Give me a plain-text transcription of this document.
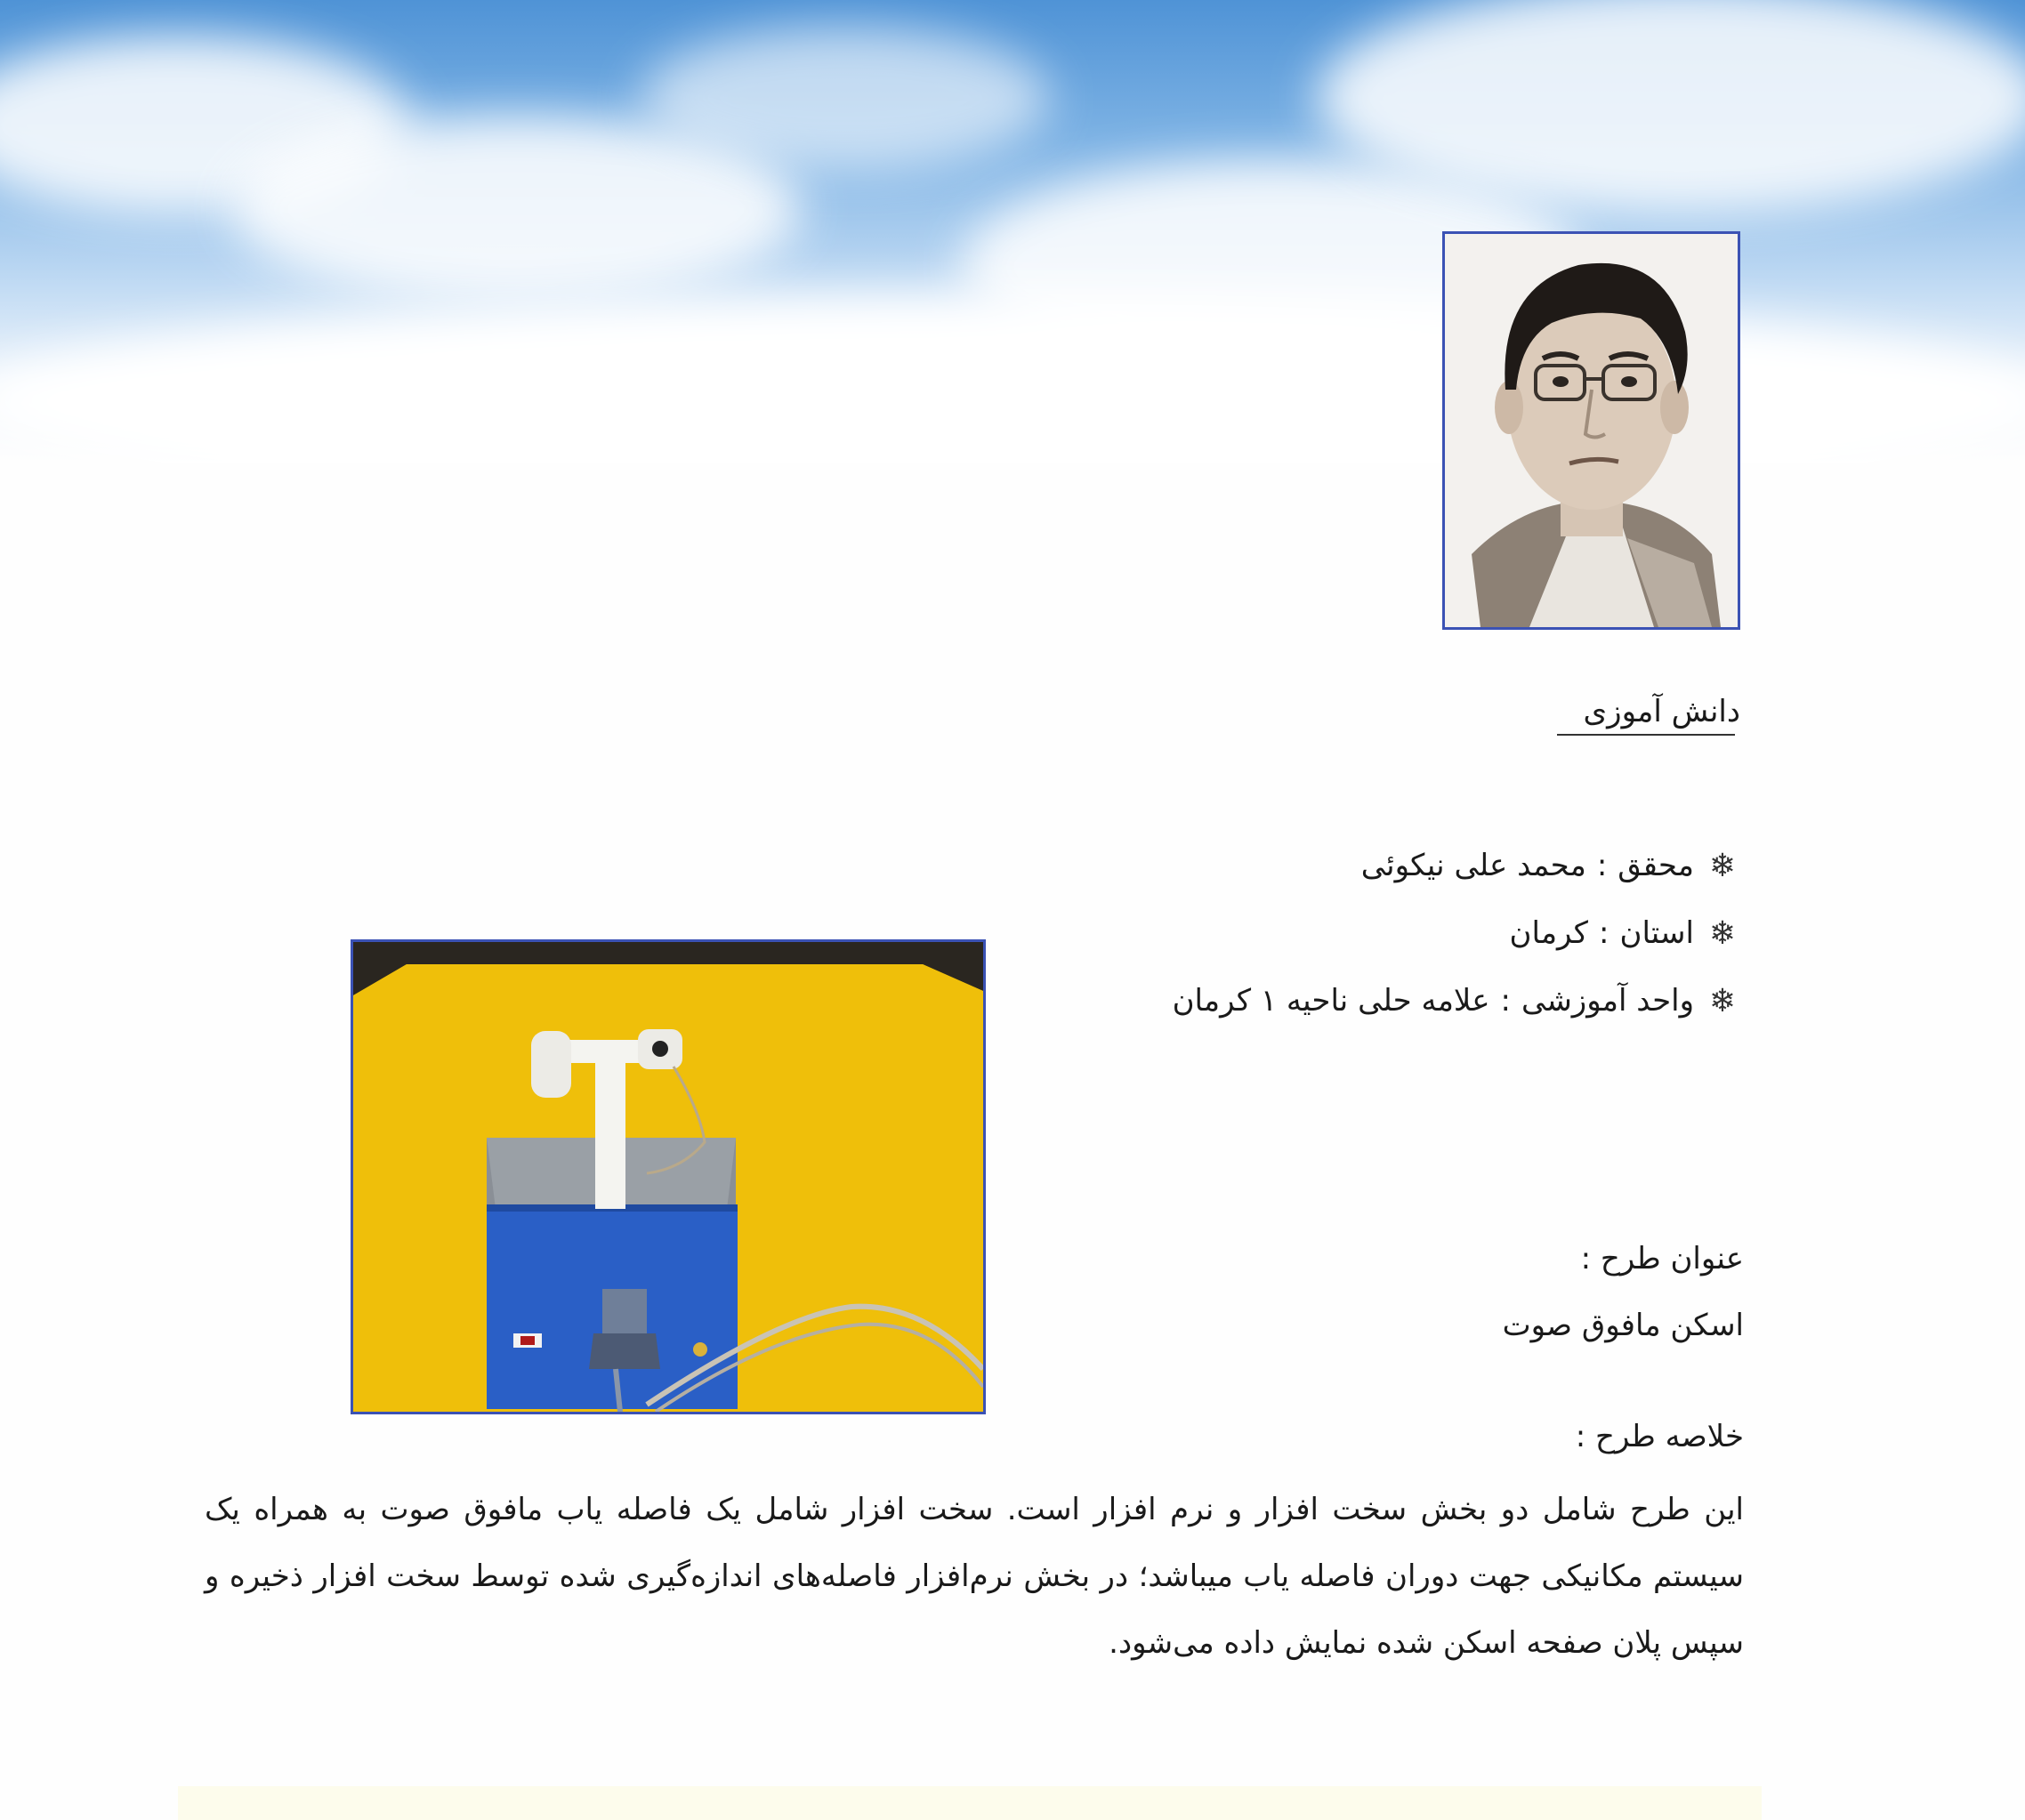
دانش آموزی
❄
محقق
:
محمد علی نیکوئی
❄
استان
:
کرمان
❄
واحد آموزشی
:
علامه حلی ناحیه ۱ کرمان
عنوان طرح :
اسکن مافوق صوت
خلاصه طرح :
این طرح شامل دو بخش سخت افزار و نرم افزار است. سخت افزار شامل یک فاصله یاب مافوق صوت به همراه یک سیستم مکانیکی جهت دوران فاصله یاب میباشد؛ در بخش نرم‌افزار فاصله‌های اندازه‌گیری شده توسط سخت افزار ذخیره و سپس پلان صفحه اسکن شده نمایش داده می‌شود.
